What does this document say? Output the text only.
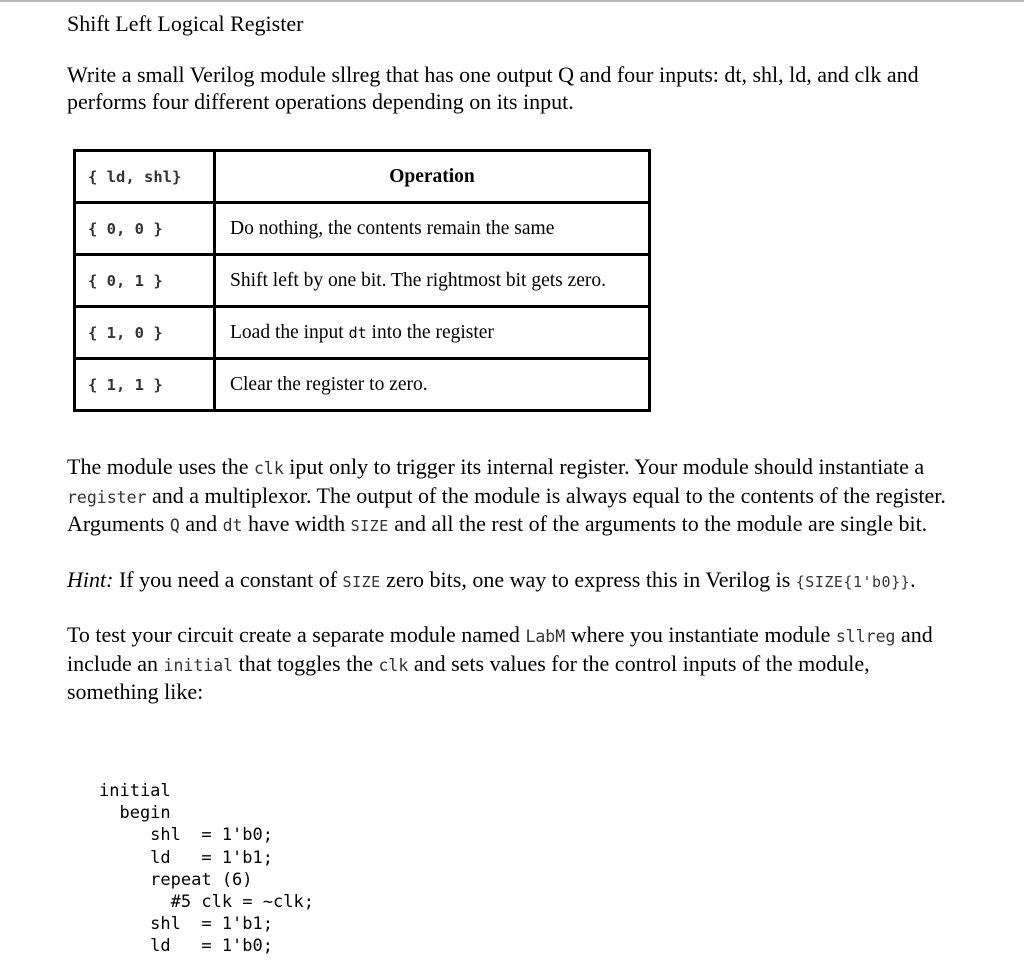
Shift Left Logical Register

Write a small Verilog module sllreg that has one output Q and four inputs: dt, shl, ld, and clk and performs four different operations depending on its input.

{ ld, shl}	Operation
{ 0, 0 }	Do nothing, the contents remain the same
{ 0, 1 }	Shift left by one bit. The rightmost bit gets zero.
{ 1, 0 }	Load the input dt into the register
{ 1, 1 }	Clear the register to zero.

The module uses the clk iput only to trigger its internal register. Your module should instantiate a register and a multiplexor. The output of the module is always equal to the contents of the register. Arguments Q and dt have width SIZE and all the rest of the arguments to the module are single bit.

Hint: If you need a constant of SIZE zero bits, one way to express this in Verilog is {SIZE{1'b0}}.

To test your circuit create a separate module named LabM where you instantiate module sllreg and include an initial that toggles the clk and sets values for the control inputs of the module, something like:

initial
begin
shl  = 1'b0;
ld   = 1'b1;
repeat (6)
#5 clk = ~clk;
shl  = 1'b1;
ld   = 1'b0;
